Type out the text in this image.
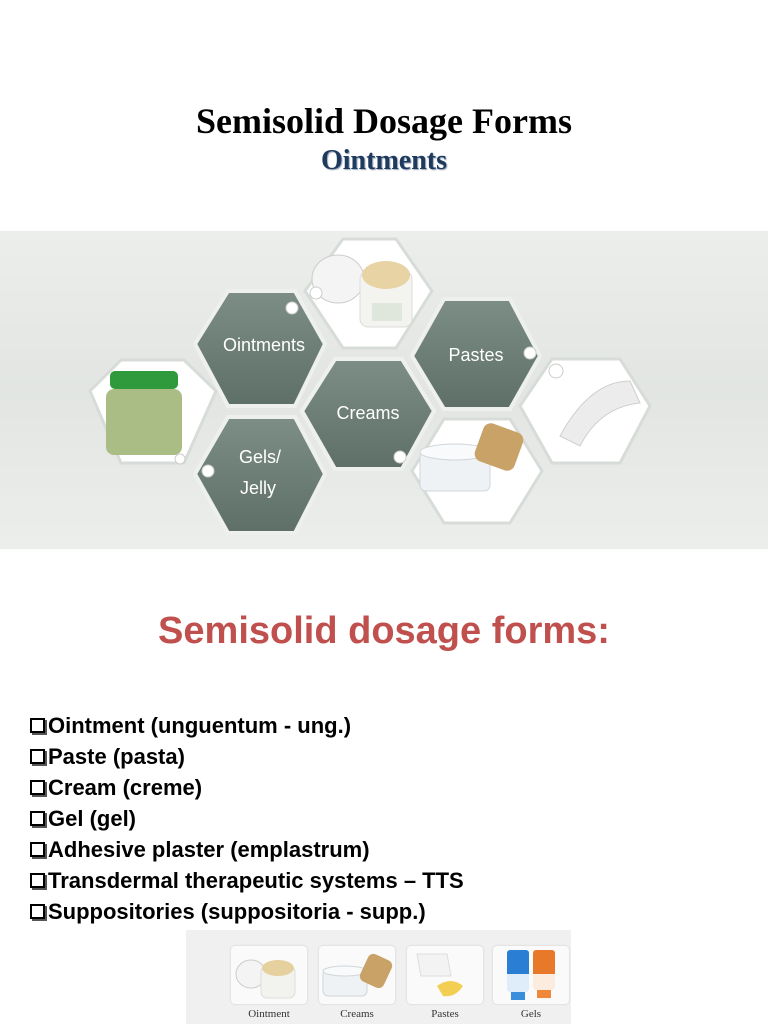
Semisolid Dosage Forms
Ointments
Ointments	Pastes
Creams
Gels/
Jelly
Semisolid dosage forms:
Ointment (unguentum - ung.)
Paste (pasta)
Cream (creme)
Gel (gel)
Adhesive plaster (emplastrum)
Transdermal therapeutic systems – TTS
Suppositories (suppositoria - supp.)
Ointment	Creams	Pastes	Gels
